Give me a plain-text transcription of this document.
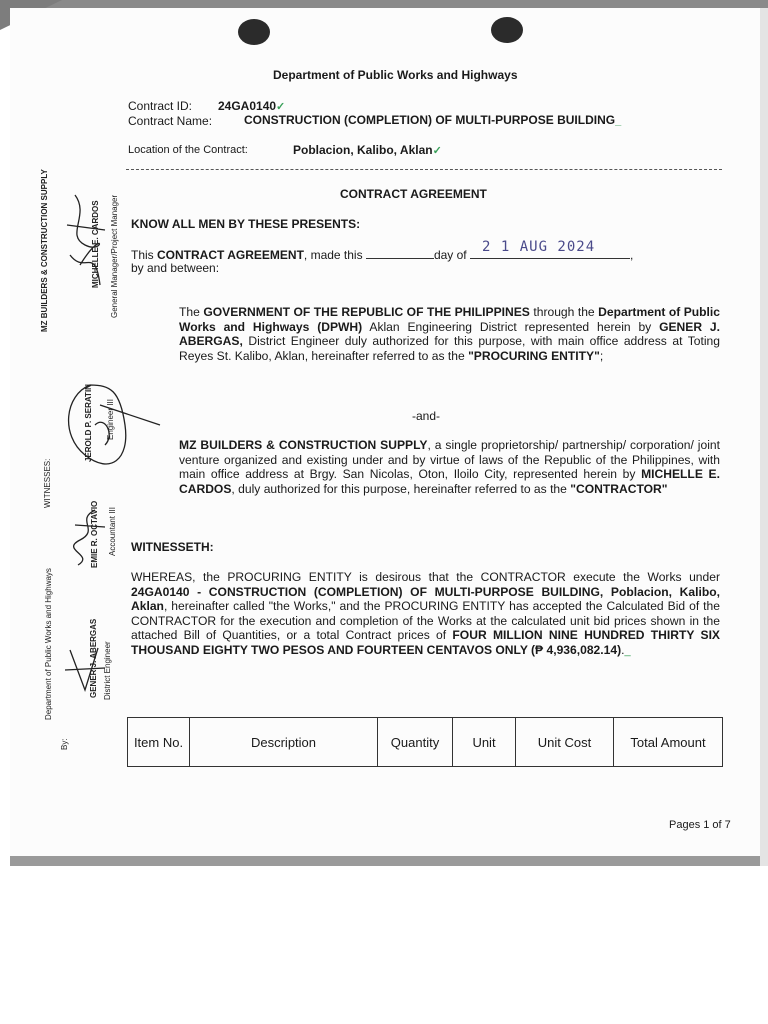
Department of Public Works and Highways
Contract ID: 24GA0140✓
Contract Name:	CONSTRUCTION (COMPLETION) OF MULTI-PURPOSE BUILDING_
Location of the Contract:	Poblacion, Kalibo, Aklan✓
CONTRACT AGREEMENT
KNOW ALL MEN BY THESE PRESENTS:
This CONTRACT AGREEMENT, made this	day of 2 1 AUG 2024	,
by and between:
The GOVERNMENT OF THE REPUBLIC OF THE PHILIPPINES through the Department of Public Works and Highways (DPWH) Aklan Engineering District represented herein by GENER J. ABERGAS, District Engineer duly authorized for this purpose, with main office address at Toting Reyes St. Kalibo, Aklan, hereinafter referred to as the "PROCURING ENTITY";
-and-
MZ BUILDERS & CONSTRUCTION SUPPLY, a single proprietorship/ partnership/ corporation/ joint venture organized and existing under and by virtue of laws of the Republic of the Philippines, with main office address at Brgy. San Nicolas, Oton, Iloilo City, represented herein by MICHELLE E. CARDOS, duly authorized for this purpose, hereinafter referred to as the "CONTRACTOR"
WITNESSETH:
WHEREAS, the PROCURING ENTITY is desirous that the CONTRACTOR execute the Works under 24GA0140 - CONSTRUCTION (COMPLETION) OF MULTI-PURPOSE BUILDING, Poblacion, Kalibo, Aklan, hereinafter called "the Works," and the PROCURING ENTITY has accepted the Calculated Bid of the CONTRACTOR for the execution and completion of the Works at the calculated unit bid prices shown in the attached Bill of Quantities, or a total Contract prices of FOUR MILLION NINE HUNDRED THIRTY SIX THOUSAND EIGHTY TWO PESOS AND FOURTEEN CENTAVOS ONLY (₱ 4,936,082.14)._
Item No.	Description	Quantity	Unit	Unit Cost	Total Amount
Pages 1 of 7
MZ BUILDERS & CONSTRUCTION SUPPLY	MICHELLE E. CARDOS General Manager/Project Manager
JEROLD P. SERATIN Engineer III
WITNESSES:
EMIE R. OCTAVIO Accountant III
Department of Public Works and Highways	GENER J. ABERGAS District Engineer
By:
